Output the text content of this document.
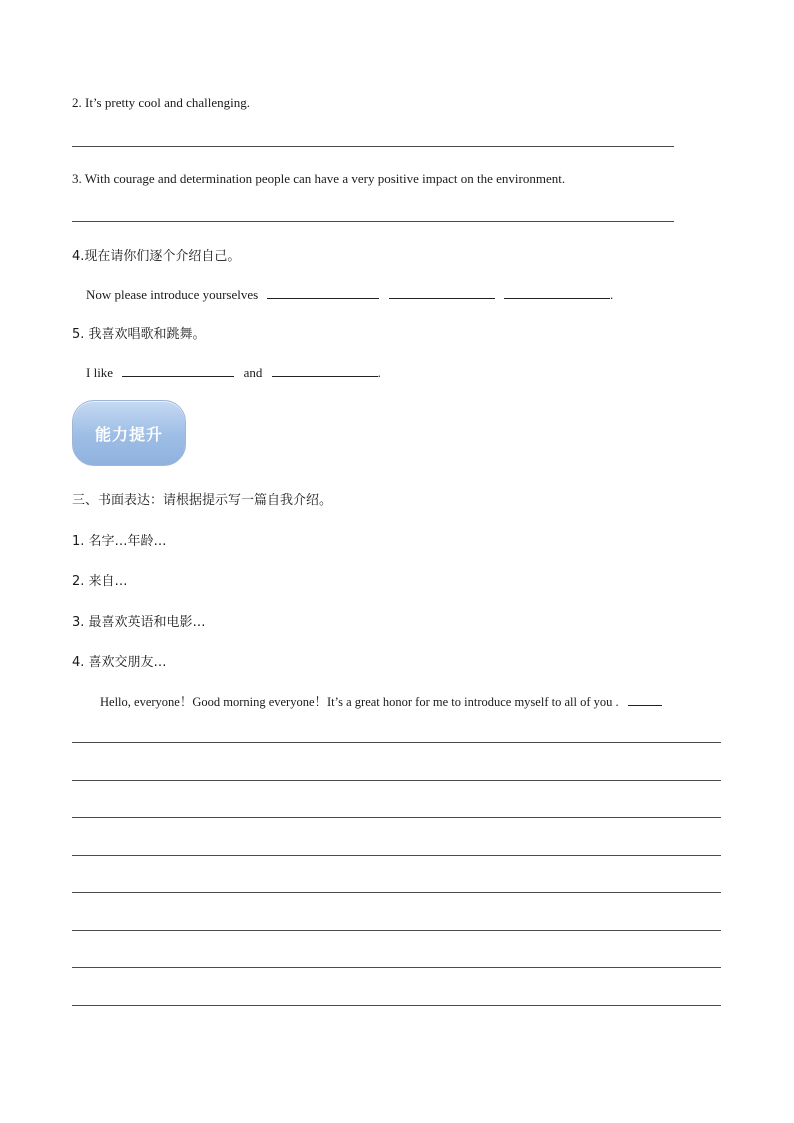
2. It’s pretty cool and challenging.
3. With courage and determination people can have a very positive impact on the environment.
4.现在请你们逐个介绍自己。
Now please introduce yourselves	.
5. 我喜欢唱歌和跳舞。
I like	and	.
能力提升
三、书面表达：请根据提示写一篇自我介绍。
1. 名字…年龄…
2. 来自…
3. 最喜欢英语和电影…
4. 喜欢交朋友…
Hello, everyone！Good morning everyone！It’s a great honor for me to introduce myself to all of you .
